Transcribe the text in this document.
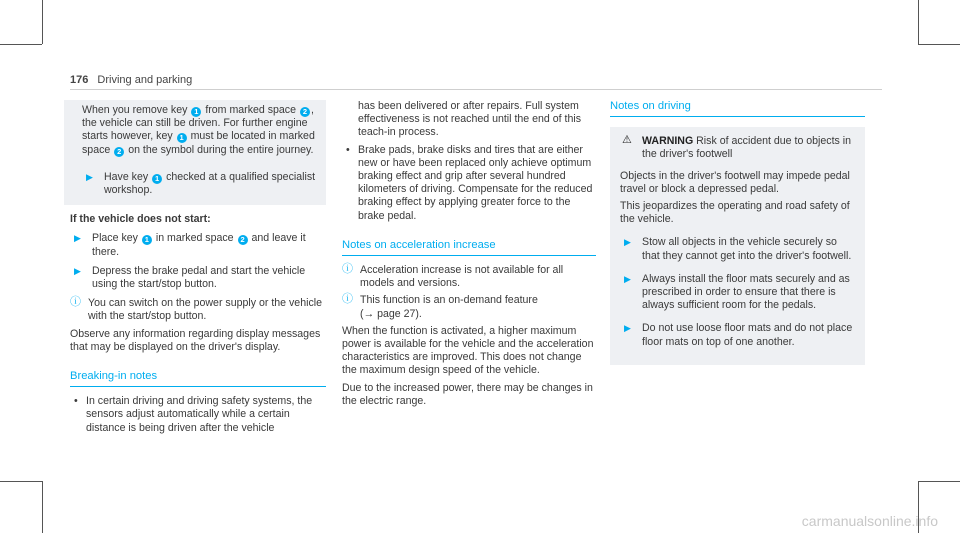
176 Driving and parking
When you remove key 1 from marked space 2 , the vehicle can still be driven. For further engine starts however, key 1 must be located in marked space 2 on the symbol during the entire journey.
▶ Have key 1 checked at a qualified specialist workshop.
If the vehicle does not start:
▶ Place key 1 in marked space 2 and leave it there.
▶ Depress the brake pedal and start the vehicle using the start/stop button.
ⓘ You can switch on the power supply or the vehicle with the start/stop button.
Observe any information regarding display messages that may be displayed on the driver's display.
Breaking-in notes
• In certain driving and driving safety systems, the sensors adjust automatically while a certain distance is being driven after the vehicle
has been delivered or after repairs. Full system effectiveness is not reached until the end of this teach-in process.
• Brake pads, brake disks and tires that are either new or have been replaced only achieve optimum braking effect and grip after several hundred kilometers of driving. Compensate for the reduced braking effect by applying greater force to the brake pedal.
Notes on acceleration increase
ⓘ Acceleration increase is not available for all models and versions.
ⓘ This function is an on-demand feature
(→ page 27).
When the function is activated, a higher maximum power is available for the vehicle and the acceleration characteristics are improved. This does not change the maximum design speed of the vehicle.
Due to the increased power, there may be changes in the electric range.
Notes on driving
⚠ WARNING Risk of accident due to objects in the driver's footwell
Objects in the driver's footwell may impede pedal travel or block a depressed pedal.
This jeopardizes the operating and road safety of the vehicle.
▶ Stow all objects in the vehicle securely so that they cannot get into the driver's footwell.
▶ Always install the floor mats securely and as prescribed in order to ensure that there is always sufficient room for the pedals.
▶ Do not use loose floor mats and do not place floor mats on top of one another.
carmanualsonline.info
